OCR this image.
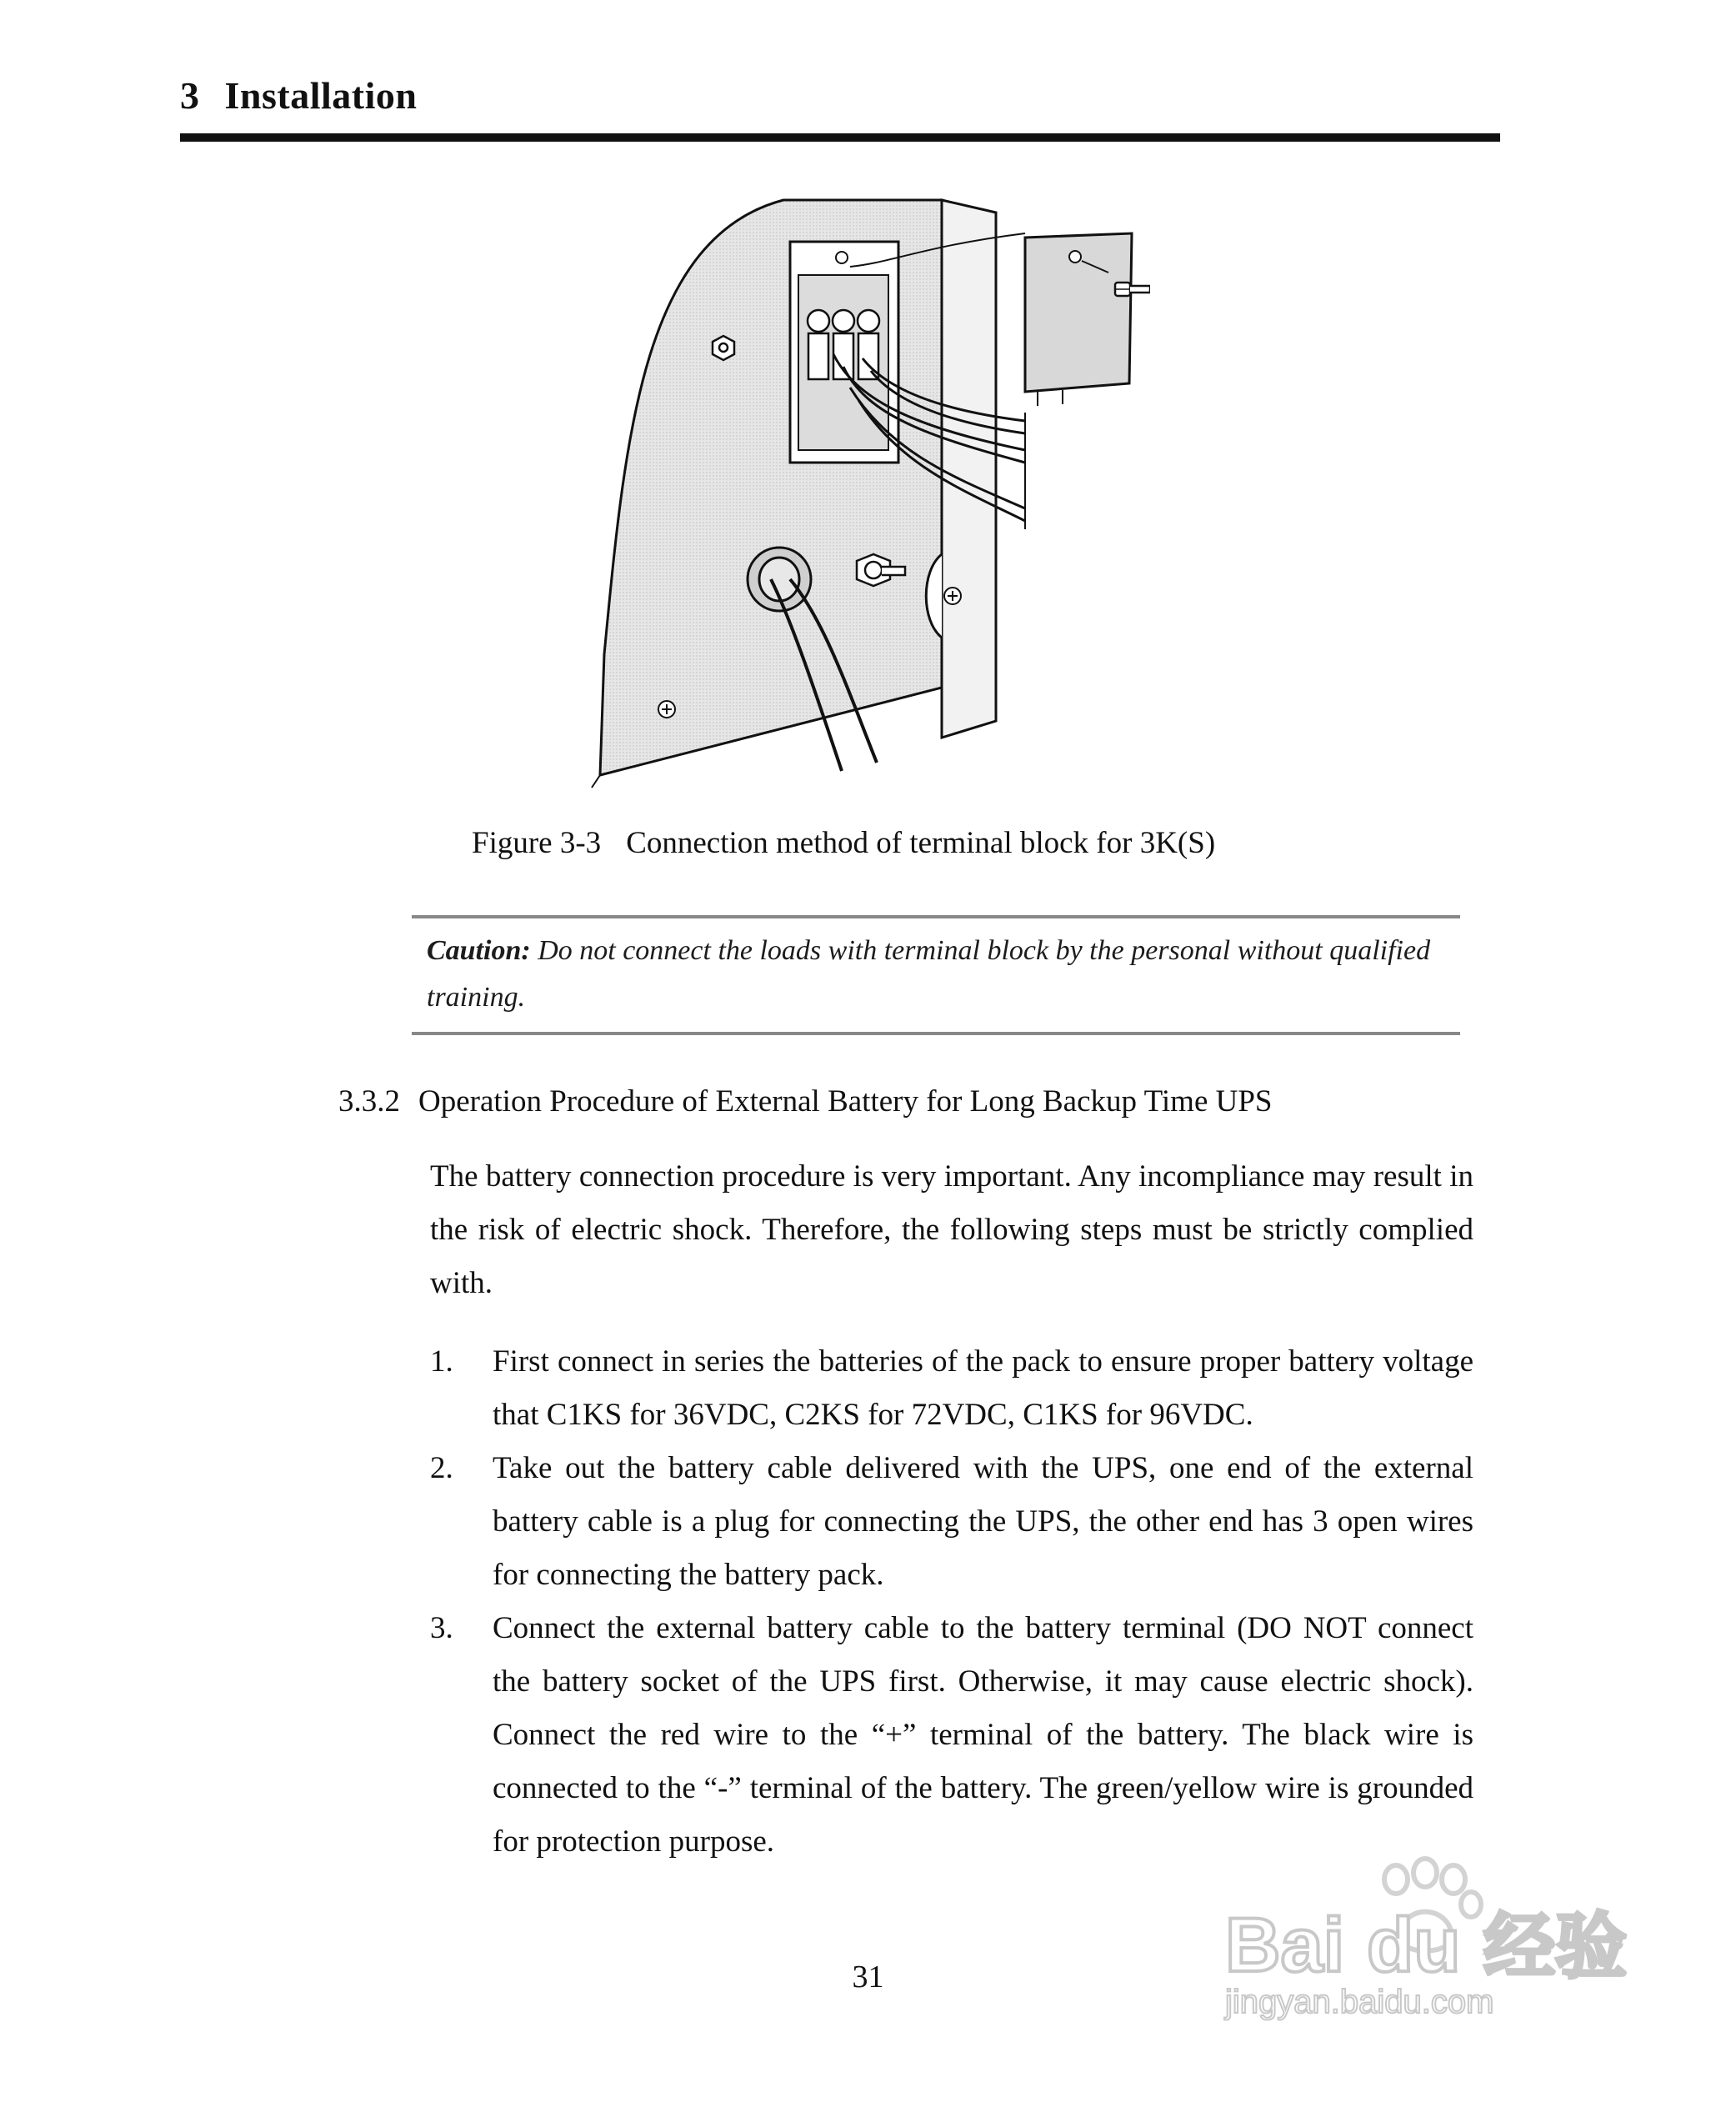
3 Installation
Figure 3-3 Connection method of terminal block for 3K(S)
Caution: Do not connect the loads with terminal block by the personal without qualified training.
3.3.2 Operation Procedure of External Battery for Long Backup Time UPS
The battery connection procedure is very important. Any incompliance may result in the risk of electric shock. Therefore, the following steps must be strictly complied with.
1. First connect in series the batteries of the pack to ensure proper battery voltage that C1KS for 36VDC, C2KS for 72VDC, C1KS for 96VDC.
2. Take out the battery cable delivered with the UPS, one end of the external battery cable is a plug for connecting the UPS, the other end has 3 open wires for connecting the battery pack.
3. Connect the external battery cable to the battery terminal (DO NOT connect the battery socket of the UPS first. Otherwise, it may cause electric shock). Connect the red wire to the “+” terminal of the battery. The black wire is connected to the “-” terminal of the battery. The green/yellow wire is grounded for protection purpose.
31	Bai du 经验
jingyan.baidu.com
